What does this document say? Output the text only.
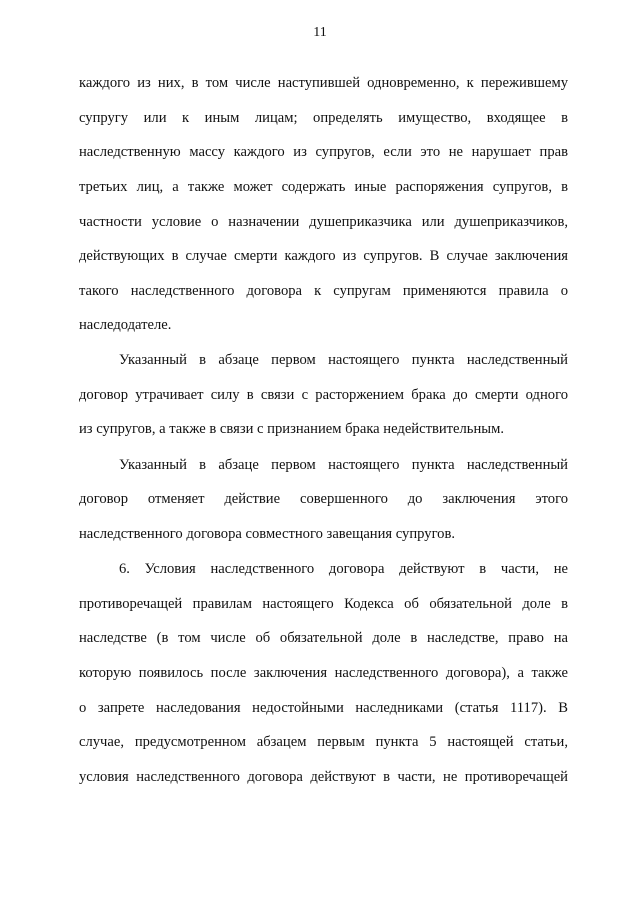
11
каждого из них, в том числе наступившей одновременно, к пережившему
супругу или к иным лицам; определять имущество, входящее в
наследственную массу каждого из супругов, если это не нарушает прав
третьих лиц, а также может содержать иные распоряжения супругов, в
частности условие о назначении душеприказчика или душеприказчиков,
действующих в случае смерти каждого из супругов. В случае заключения
такого наследственного договора к супругам применяются правила о
наследодателе.
Указанный в абзаце первом настоящего пункта наследственный
договор утрачивает силу в связи с расторжением брака до смерти одного
из супругов, а также в связи с признанием брака недействительным.
Указанный в абзаце первом настоящего пункта наследственный
договор отменяет действие совершенного до заключения этого
наследственного договора совместного завещания супругов.
6. Условия наследственного договора действуют в части, не
противоречащей правилам настоящего Кодекса об обязательной доле в
наследстве (в том числе об обязательной доле в наследстве, право на
которую появилось после заключения наследственного договора), а также
о запрете наследования недостойными наследниками (статья 1117). В
случае, предусмотренном абзацем первым пункта 5 настоящей статьи,
условия наследственного договора действуют в части, не противоречащей
